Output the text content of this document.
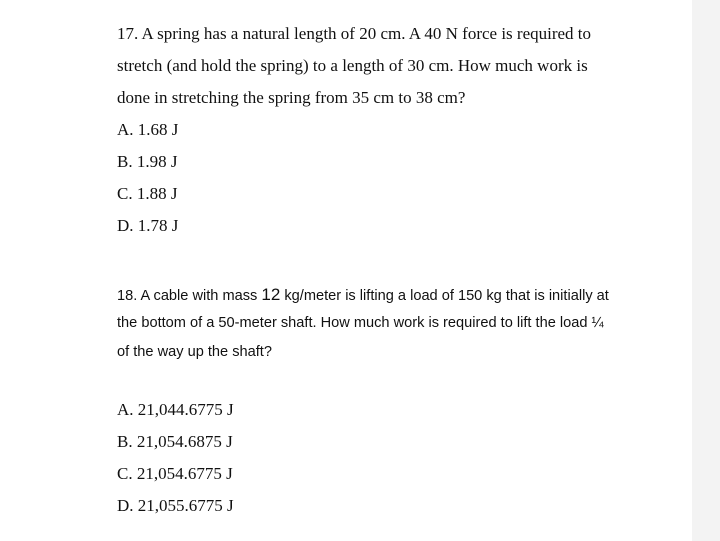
17. A spring has a natural length of 20 cm. A 40 N force is required to
stretch (and hold the spring) to a length of 30 cm. How much work is
done in stretching the spring from 35 cm to 38 cm?
A. 1.68 J
B. 1.98 J
C. 1.88 J
D. 1.78 J
18. A cable with mass 12 kg/meter is lifting a load of 150 kg that is initially at
the bottom of a 50-meter shaft. How much work is required to lift the load ¼
of the way up the shaft?
A. 21,044.6775 J
B. 21,054.6875 J
C. 21,054.6775 J
D. 21,055.6775 J
